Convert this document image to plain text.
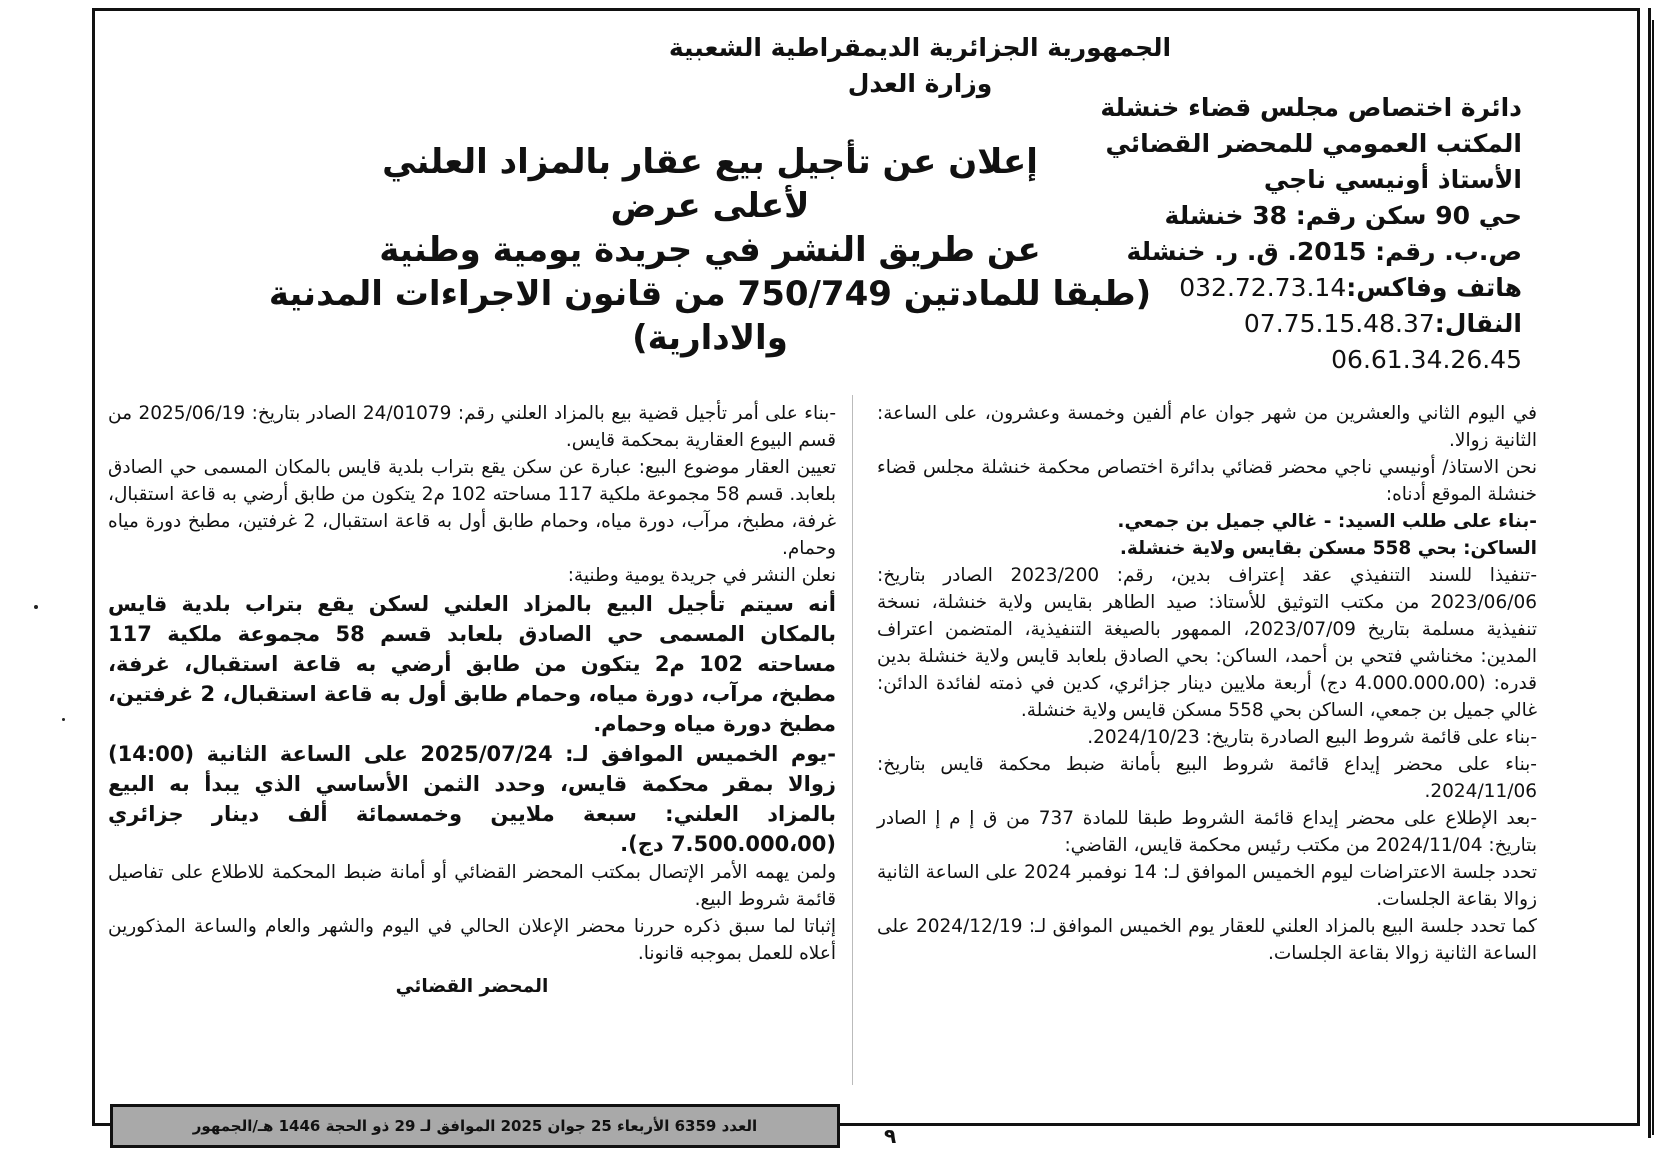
الجمهورية الجزائرية الديمقراطية الشعبية
وزارة العدل
دائرة اختصاص مجلس قضاء خنشلة
المكتب العمومي للمحضر القضائي
الأستاذ أونيسي ناجي
حي 90 سكن رقم: 38 خنشلة
ص.ب. رقم: 2015. ق. ر. خنشلة
هاتف وفاكس:032.72.73.14
النقال:07.75.15.48.37
06.61.34.26.45
إعلان عن تأجيل بيع عقار بالمزاد العلني
لأعلى عرض
عن طريق النشر في جريدة يومية وطنية
(طبقا للمادتين 750/749 من قانون الاجراءات المدنية والادارية)

في اليوم الثاني والعشرين من شهر جوان عام ألفين وخمسة وعشرون، على الساعة: الثانية زوالا.

نحن الاستاذ/ أونيسي ناجي محضر قضائي بدائرة اختصاص محكمة خنشلة مجلس قضاء خنشلة الموقع أدناه:

-بناء على طلب السيد: - غالي جميل بن جمعي.

الساكن: بحي 558 مسكن بقايس ولاية خنشلة.

-تنفيذا للسند التنفيذي عقد إعتراف بدين، رقم: 2023/200 الصادر بتاريخ: 2023/06/06 من مكتب التوثيق للأستاذ: صيد الطاهر بقايس ولاية خنشلة، نسخة تنفيذية مسلمة بتاريخ 2023/07/09، الممهور بالصيغة التنفيذية، المتضمن اعتراف المدين: مخناشي فتحي بن أحمد، الساكن: بحي الصادق بلعابد قايس ولاية خنشلة بدين قدره: (4.000.000،00 دج) أربعة ملايين دينار جزائري، كدين في ذمته لفائدة الدائن: غالي جميل بن جمعي، الساكن بحي 558 مسكن قايس ولاية خنشلة.

-بناء على قائمة شروط البيع الصادرة بتاريخ: 2024/10/23.

-بناء على محضر إيداع قائمة شروط البيع بأمانة ضبط محكمة قايس بتاريخ: 2024/11/06.

-بعد الإطلاع على محضر إيداع قائمة الشروط طبقا للمادة 737 من ق إ م إ الصادر بتاريخ: 2024/11/04 من مكتب رئيس محكمة قايس، القاضي:

تحدد جلسة الاعتراضات ليوم الخميس الموافق لـ: 14 نوفمبر 2024 على الساعة الثانية زوالا بقاعة الجلسات.

كما تحدد جلسة البيع بالمزاد العلني للعقار يوم الخميس الموافق لـ: 2024/12/19 على الساعة الثانية زوالا بقاعة الجلسات.

-بناء على أمر تأجيل قضية بيع بالمزاد العلني رقم: 24/01079 الصادر بتاريخ: 2025/06/19 من قسم البيوع العقارية بمحكمة قايس.

تعيين العقار موضوع البيع: عبارة عن سكن يقع بتراب بلدية قايس بالمكان المسمى حي الصادق بلعابد. قسم 58 مجموعة ملكية 117 مساحته 102 م2 يتكون من طابق أرضي به قاعة استقبال، غرفة، مطبخ، مرآب، دورة مياه، وحمام طابق أول به قاعة استقبال، 2 غرفتين، مطبخ دورة مياه وحمام.

نعلن النشر في جريدة يومية وطنية:

أنه سيتم تأجيل البيع بالمزاد العلني لسكن يقع بتراب بلدية قايس بالمكان المسمى حي الصادق بلعابد قسم 58 مجموعة ملكية 117 مساحته 102 م2 يتكون من طابق أرضي به قاعة استقبال، غرفة، مطبخ، مرآب، دورة مياه، وحمام طابق أول به قاعة استقبال، 2 غرفتين، مطبخ دورة مياه وحمام.

-يوم الخميس الموافق لـ: 2025/07/24 على الساعة الثانية (14:00) زوالا بمقر محكمة قايس، وحدد الثمن الأساسي الذي يبدأ به البيع بالمزاد العلني: سبعة ملايين وخمسمائة ألف دينار جزائري (7.500.000،00 دج).

ولمن يهمه الأمر الإتصال بمكتب المحضر القضائي أو أمانة ضبط المحكمة للاطلاع على تفاصيل قائمة شروط البيع.

إثباتا لما سبق ذكره حررنا محضر الإعلان الحالي في اليوم والشهر والعام والساعة المذكورين أعلاه للعمل بموجبه قانونا.

المحضر القضائي

العدد 6359 الأربعاء 25 جوان 2025 الموافق لـ 29 ذو الحجة 1446 هـ/الجمهور	٩
